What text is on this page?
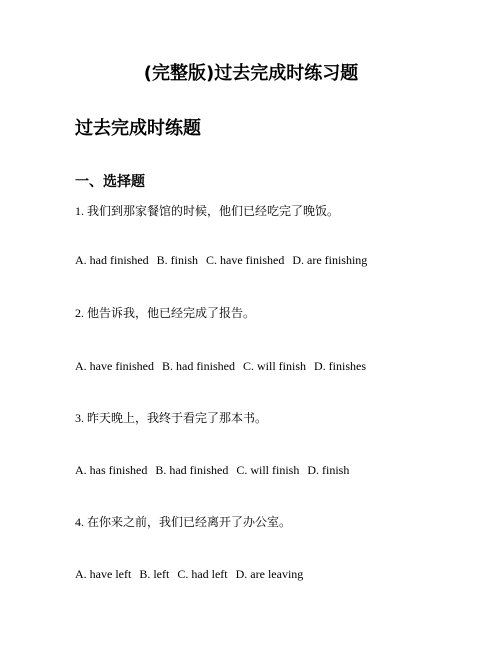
(完整版)过去完成时练习题
过去完成时练题
一、选择题
1. 我们到那家餐馆的时候，他们已经吃完了晚饭。
A. had finished B. finish C. have finished D. are finishing
2. 他告诉我，他已经完成了报告。
A. have finished B. had finished C. will finish D. finishes
3. 昨天晚上，我终于看完了那本书。
A. has finished B. had finished C. will finish D. finish
4. 在你来之前，我们已经离开了办公室。
A. have left B. left C. had left D. are leaving
